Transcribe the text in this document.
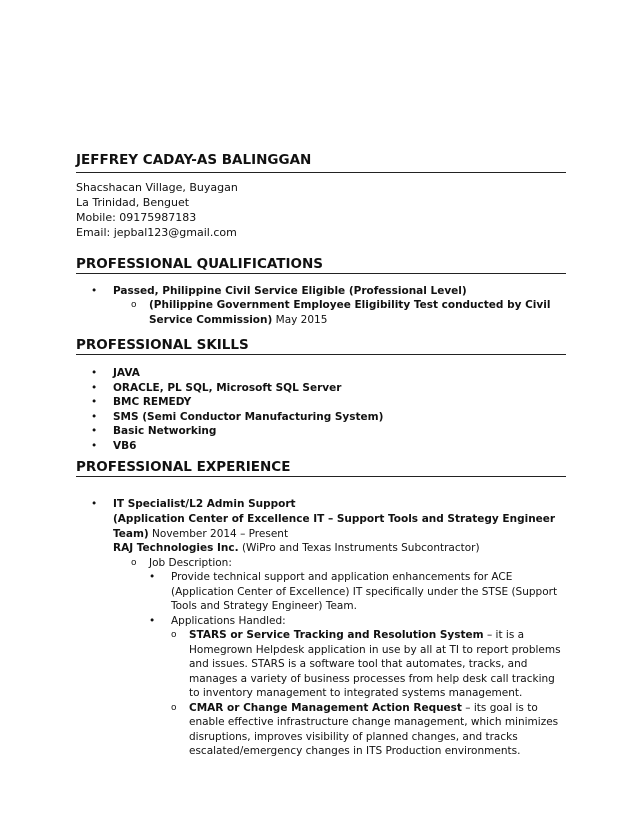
JEFFREY CADAY-AS BALINGGAN
Shacshacan Village, Buyagan
La Trinidad, Benguet
Mobile: 09175987183
Email: jepbal123@gmail.com
PROFESSIONAL QUALIFICATIONS
• Passed, Philippine Civil Service Eligible (Professional Level)
o (Philippine Government Employee Eligibility Test conducted by Civil
Service Commission) May 2015
PROFESSIONAL SKILLS
• JAVA
• ORACLE, PL SQL, Microsoft SQL Server
• BMC REMEDY
• SMS (Semi Conductor Manufacturing System)
• Basic Networking
• VB6
PROFESSIONAL EXPERIENCE
• IT Specialist/L2 Admin Support
(Application Center of Excellence IT – Support Tools and Strategy Engineer
Team) November 2014 – Present
RAJ Technologies Inc. (WiPro and Texas Instruments Subcontractor)
o Job Description:
• Provide technical support and application enhancements for ACE
(Application Center of Excellence) IT specifically under the STSE (Support
Tools and Strategy Engineer) Team.
• Applications Handled:
o STARS or Service Tracking and Resolution System – it is a
Homegrown Helpdesk application in use by all at TI to report problems
and issues. STARS is a software tool that automates, tracks, and
manages a variety of business processes from help desk call tracking
to inventory management to integrated systems management.
o CMAR or Change Management Action Request – its goal is to
enable effective infrastructure change management, which minimizes
disruptions, improves visibility of planned changes, and tracks
escalated/emergency changes in ITS Production environments.
